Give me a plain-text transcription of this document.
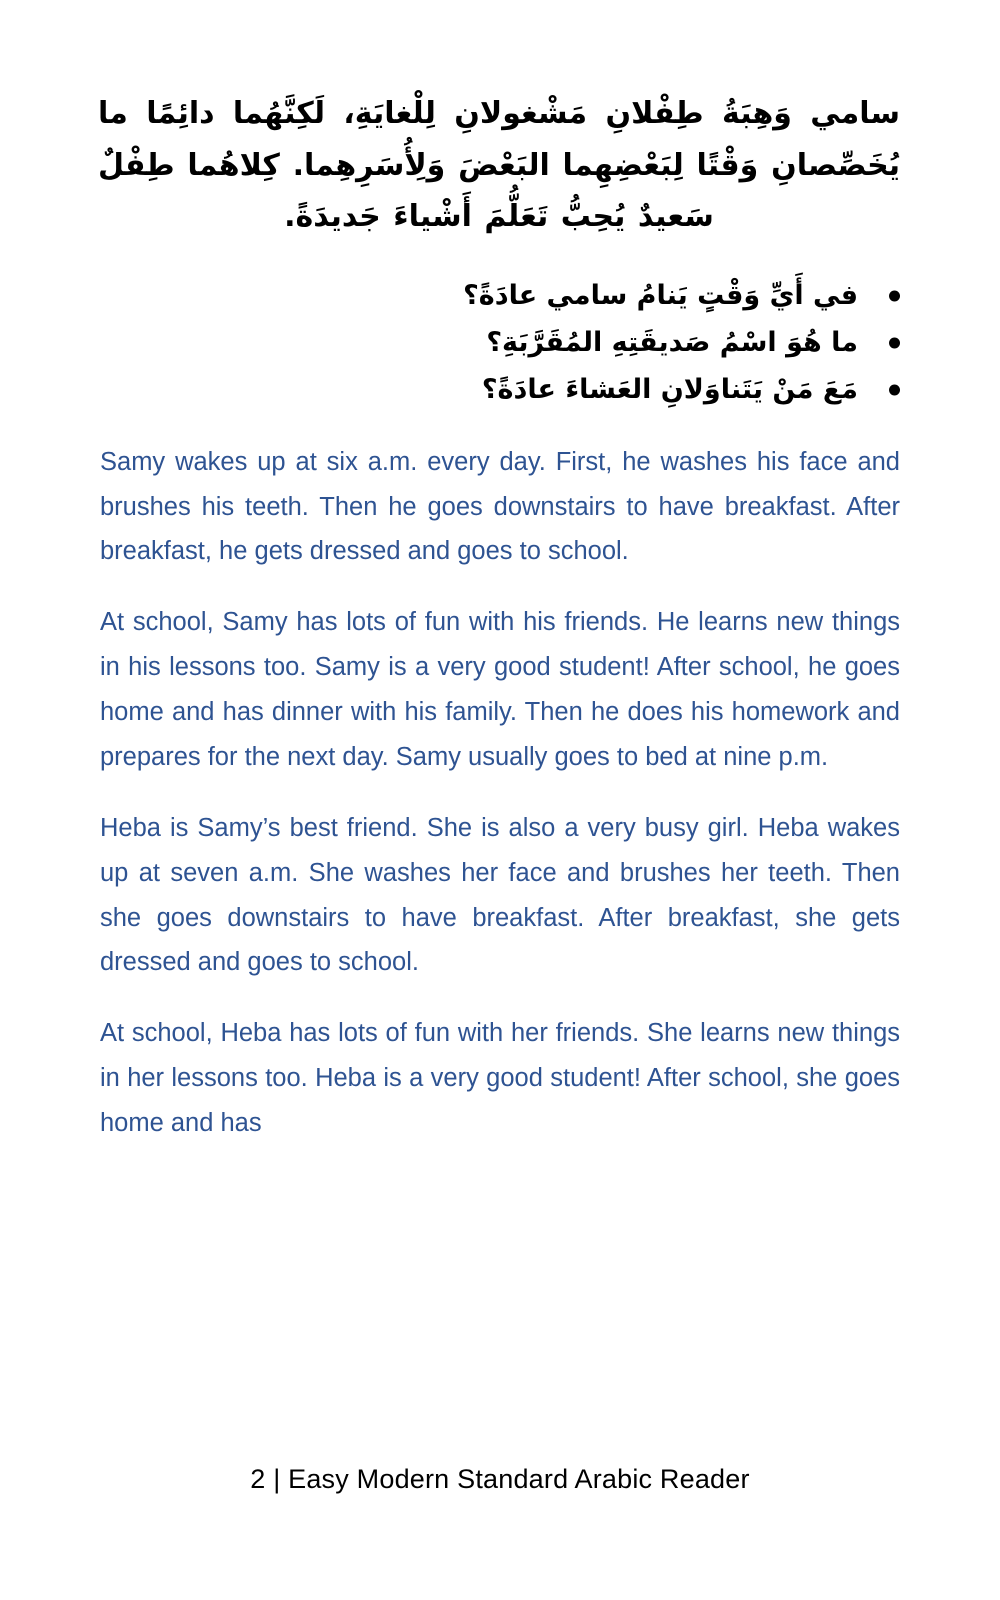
سامي وَهِبَةُ طِفْلانِ مَشْغولانِ لِلْغايَةِ، لَكِنَّهُما دائِمًا ما يُخَصِّصانِ وَقْتًا لِبَعْضِهِما البَعْضَ وَلِأُسَرِهِما. كِلاهُما طِفْلٌ سَعيدٌ يُحِبُّ تَعَلُّمَ أَشْياءَ جَديدَةً.

في أَيِّ وَقْتٍ يَنامُ سامي عادَةً؟
ما هُوَ اسْمُ صَديقَتِهِ المُقَرَّبَةِ؟
مَعَ مَنْ يَتَناوَلانِ العَشاءَ عادَةً؟

Samy wakes up at six a.m. every day. First, he washes his face and brushes his teeth. Then he goes downstairs to have breakfast. After breakfast, he gets dressed and goes to school.

At school, Samy has lots of fun with his friends. He learns new things in his lessons too. Samy is a very good student! After school, he goes home and has dinner with his family. Then he does his homework and prepares for the next day. Samy usually goes to bed at nine p.m.

Heba is Samy’s best friend. She is also a very busy girl. Heba wakes up at seven a.m. She washes her face and brushes her teeth. Then she goes downstairs to have breakfast. After breakfast, she gets dressed and goes to school.

At school, Heba has lots of fun with her friends. She learns new things in her lessons too. Heba is a very good student! After school, she goes home and has

2 | Easy Modern Standard Arabic Reader
